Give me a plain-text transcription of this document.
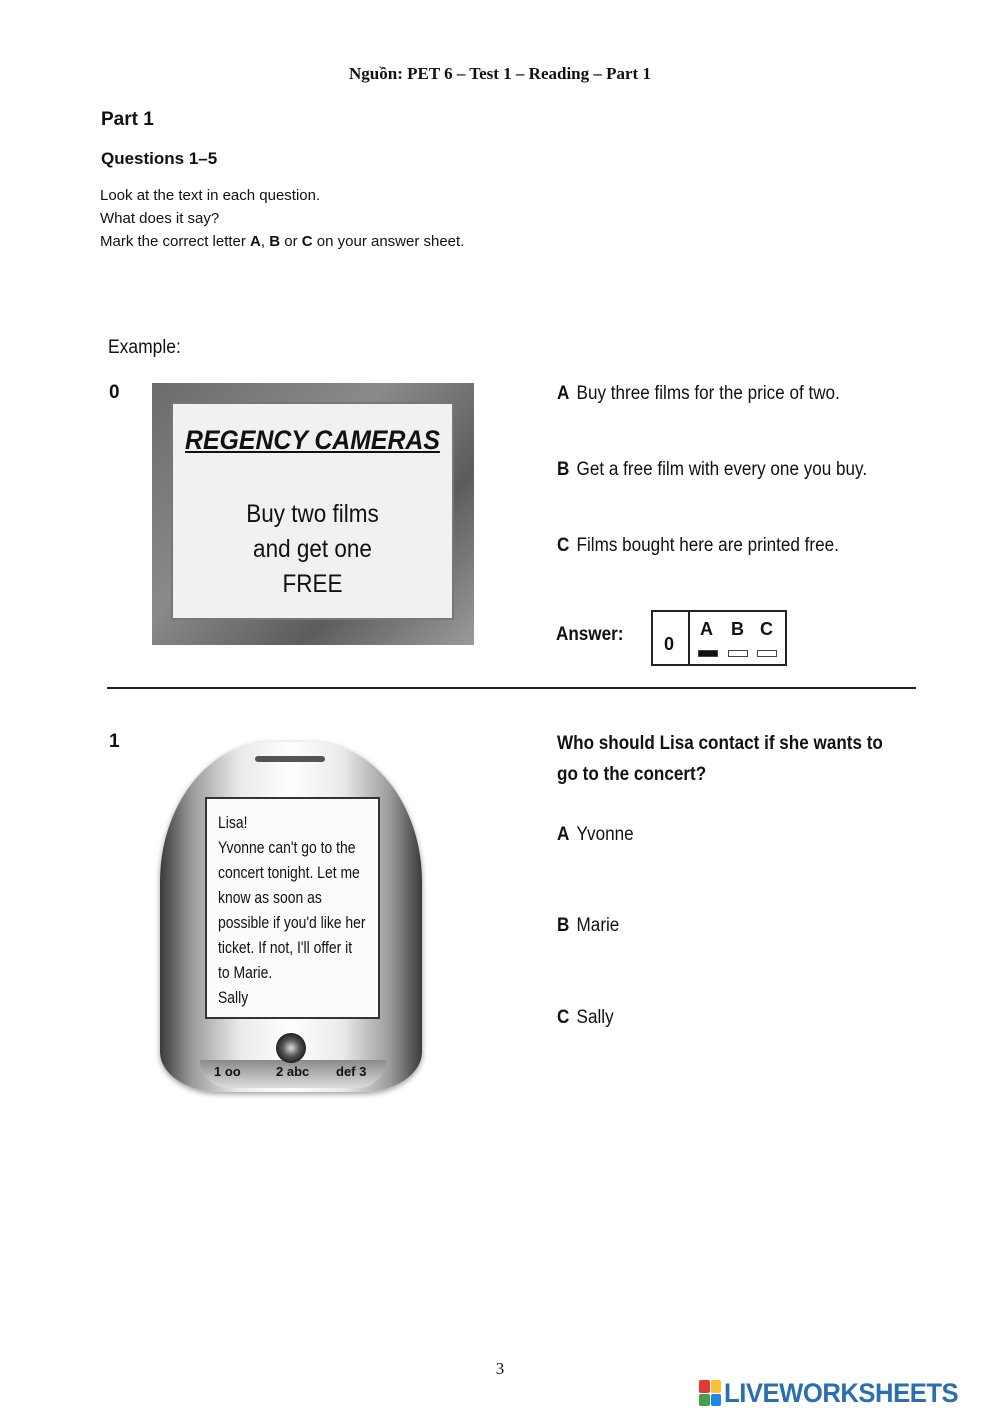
Nguồn: PET 6 – Test 1 – Reading – Part 1
Part 1
Questions 1–5
Look at the text in each question.
What does it say?
Mark the correct letter A, B or C on your answer sheet.
Example:
0
REGENCY CAMERAS
Buy two films
and get one
FREE
A Buy three films for the price of two.
B Get a free film with every one you buy.
C Films bought here are printed free.
Answer: 0
A B C
1
Lisa!
Yvonne can't go to the
concert tonight. Let me
know as soon as
possible if you'd like her
ticket. If not, I'll offer it
to Marie.
Sally
1 oo	2 abc def 3
Who should Lisa contact if she wants to
go to the concert?
A Yvonne
B Marie
C Sally
3
LIVEWORKSHEETS
